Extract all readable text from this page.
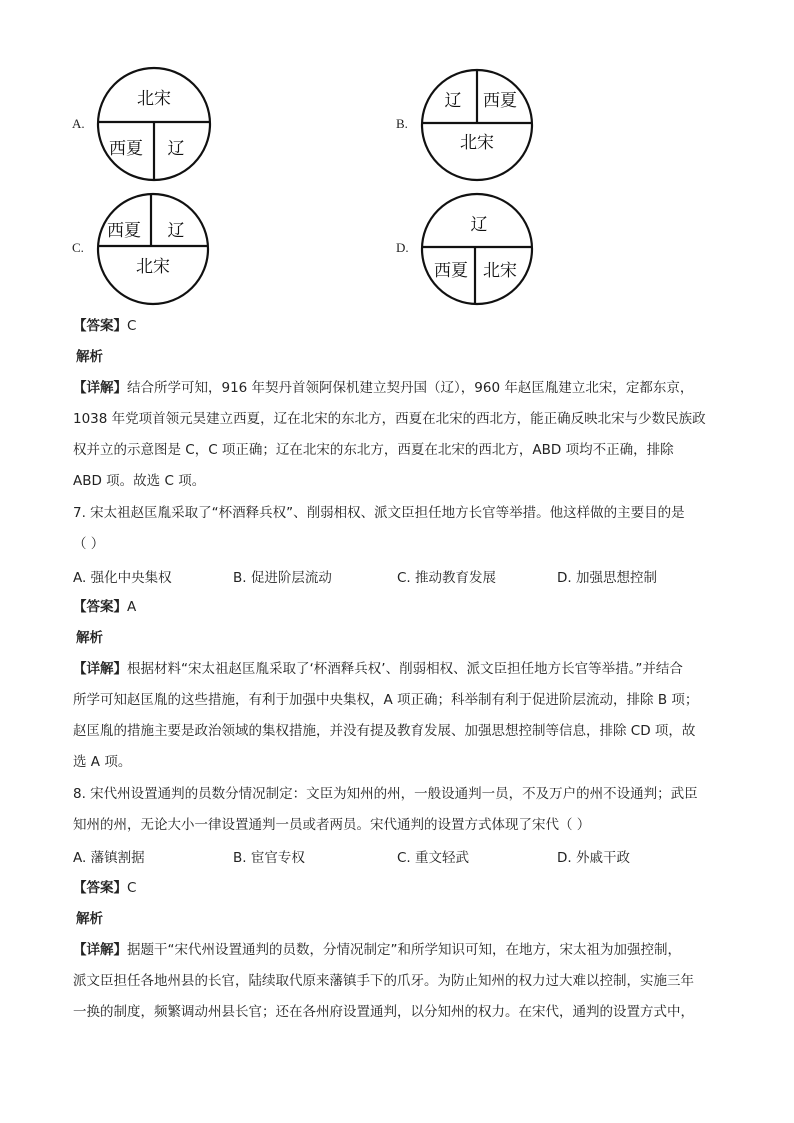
A.
北宋
西夏 辽
B.
辽 西夏
北宋
C.
西夏 辽
北宋
D.
辽
西夏 北宋
【答案】C
解析
【详解】结合所学可知，916 年契丹首领阿保机建立契丹国（辽），960 年赵匡胤建立北宋，定都东京，
1038 年党项首领元昊建立西夏，辽在北宋的东北方，西夏在北宋的西北方，能正确反映北宋与少数民族政
权并立的示意图是 C，C 项正确；辽在北宋的东北方，西夏在北宋的西北方，ABD 项均不正确，排除
ABD 项。故选 C 项。
7. 宋太祖赵匡胤采取了“杯酒释兵权”、削弱相权、派文臣担任地方长官等举措。他这样做的主要目的是
（ ）
A. 强化中央集权	B. 促进阶层流动	C. 推动教育发展	D. 加强思想控制
【答案】A
解析
【详解】根据材料“宋太祖赵匡胤采取了‘杯酒释兵权’、削弱相权、派文臣担任地方长官等举措。”并结合
所学可知赵匡胤的这些措施，有利于加强中央集权，A 项正确；科举制有利于促进阶层流动，排除 B 项；
赵匡胤的措施主要是政治领域的集权措施，并没有提及教育发展、加强思想控制等信息，排除 CD 项，故
选 A 项。
8. 宋代州设置通判的员数分情况制定：文臣为知州的州，一般设通判一员，不及万户的州不设通判；武臣
知州的州，无论大小一律设置通判一员或者两员。宋代通判的设置方式体现了宋代（ ）
A. 藩镇割据	B. 宦官专权	C. 重文轻武	D. 外戚干政
【答案】C
解析
【详解】据题干“宋代州设置通判的员数，分情况制定”和所学知识可知，在地方，宋太祖为加强控制，
派文臣担任各地州县的长官，陆续取代原来藩镇手下的爪牙。为防止知州的权力过大难以控制，实施三年
一换的制度，频繁调动州县长官；还在各州府设置通判，以分知州的权力。在宋代，通判的设置方式中，
